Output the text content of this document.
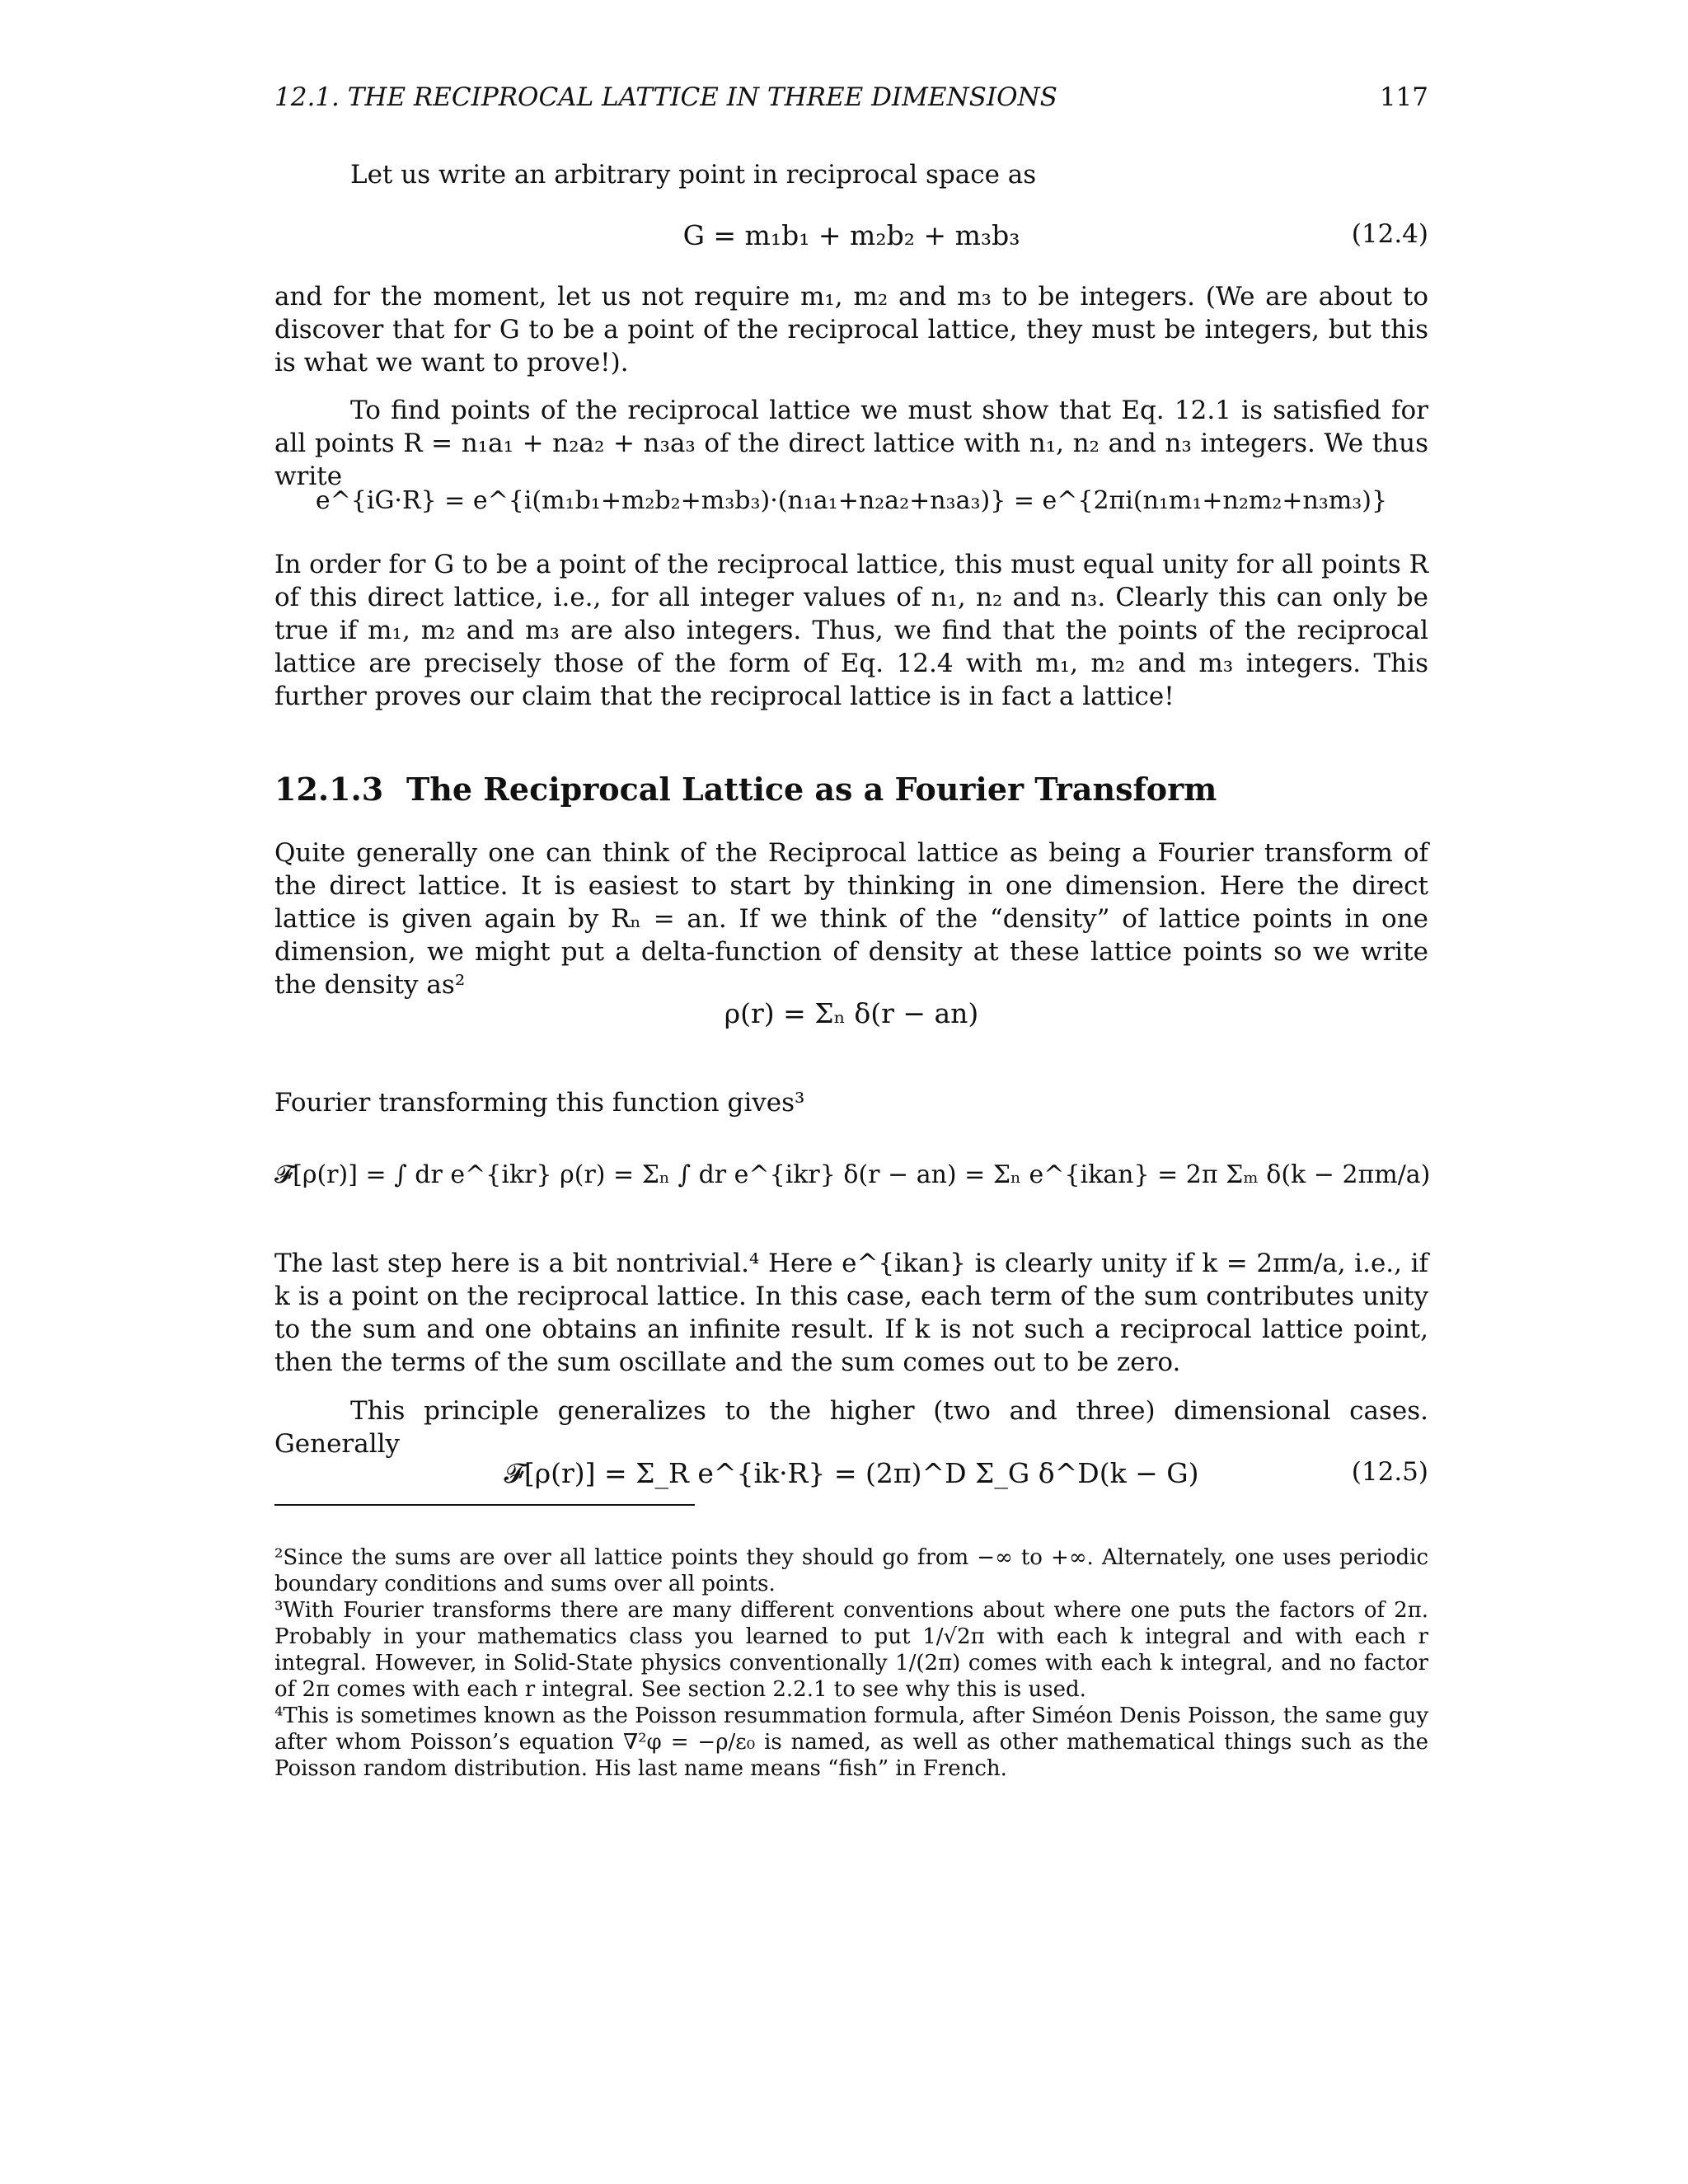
12.1. THE RECIPROCAL LATTICE IN THREE DIMENSIONS	117

Let us write an arbitrary point in reciprocal space as

G = m₁b₁ + m₂b₂ + m₃b₃	(12.4)

and for the moment, let us not require m₁, m₂ and m₃ to be integers. (We are about to discover that for G to be a point of the reciprocal lattice, they must be integers, but this is what we want to prove!).

To find points of the reciprocal lattice we must show that Eq. 12.1 is satisfied for all points R = n₁a₁ + n₂a₂ + n₃a₃ of the direct lattice with n₁, n₂ and n₃ integers. We thus write

e^{iG·R} = e^{i(m₁b₁+m₂b₂+m₃b₃)·(n₁a₁+n₂a₂+n₃a₃)} = e^{2πi(n₁m₁+n₂m₂+n₃m₃)}

In order for G to be a point of the reciprocal lattice, this must equal unity for all points R of this direct lattice, i.e., for all integer values of n₁, n₂ and n₃. Clearly this can only be true if m₁, m₂ and m₃ are also integers. Thus, we find that the points of the reciprocal lattice are precisely those of the form of Eq. 12.4 with m₁, m₂ and m₃ integers. This further proves our claim that the reciprocal lattice is in fact a lattice!

12.1.3 The Reciprocal Lattice as a Fourier Transform

Quite generally one can think of the Reciprocal lattice as being a Fourier transform of the direct lattice. It is easiest to start by thinking in one dimension. Here the direct lattice is given again by Rₙ = an. If we think of the “density” of lattice points in one dimension, we might put a delta-function of density at these lattice points so we write the density as²

ρ(r) = Σₙ δ(r − an)

Fourier transforming this function gives³

𝓕[ρ(r)] = ∫ dr e^{ikr} ρ(r) = Σₙ ∫ dr e^{ikr} δ(r − an) = Σₙ e^{ikan} = 2π Σₘ δ(k − 2πm/a)

The last step here is a bit nontrivial.⁴ Here e^{ikan} is clearly unity if k = 2πm/a, i.e., if k is a point on the reciprocal lattice. In this case, each term of the sum contributes unity to the sum and one obtains an infinite result. If k is not such a reciprocal lattice point, then the terms of the sum oscillate and the sum comes out to be zero.

This principle generalizes to the higher (two and three) dimensional cases. Generally

𝓕[ρ(r)] = Σ_R e^{ik·R} = (2π)^D Σ_G δ^D(k − G)	(12.5)

²Since the sums are over all lattice points they should go from −∞ to +∞. Alternately, one uses periodic boundary conditions and sums over all points.

³With Fourier transforms there are many different conventions about where one puts the factors of 2π. Probably in your mathematics class you learned to put 1/√2π with each k integral and with each r integral. However, in Solid-State physics conventionally 1/(2π) comes with each k integral, and no factor of 2π comes with each r integral. See section 2.2.1 to see why this is used.

⁴This is sometimes known as the Poisson resummation formula, after Siméon Denis Poisson, the same guy after whom Poisson’s equation ∇²φ = −ρ/ε₀ is named, as well as other mathematical things such as the Poisson random distribution. His last name means “fish” in French.
